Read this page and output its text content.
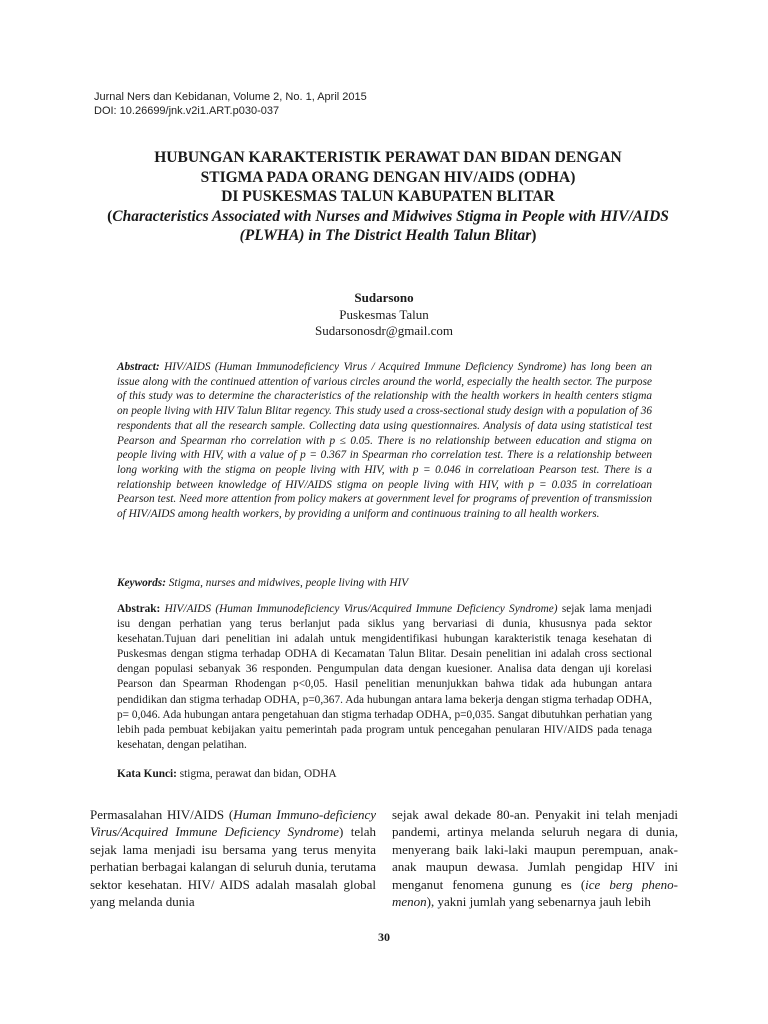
Jurnal Ners dan Kebidanan, Volume 2, No. 1, April 2015
DOI: 10.26699/jnk.v2i1.ART.p030-037
HUBUNGAN KARAKTERISTIK PERAWAT DAN BIDAN DENGAN
STIGMA PADA ORANG DENGAN HIV/AIDS (ODHA)
DI PUSKESMAS TALUN KABUPATEN BLITAR
(Characteristics Associated with Nurses and Midwives Stigma in People with HIV/AIDS (PLWHA) in The District Health Talun Blitar)
Sudarsono
Puskesmas Talun
Sudarsonosdr@gmail.com
Abstract: HIV/AIDS (Human Immunodeficiency Virus / Acquired Immune Deficiency Syndrome) has long been an issue along with the continued attention of various circles around the world, especially the health sector. The purpose of this study was to determine the characteristics of the relationship with the health workers in health centers stigma on people living with HIV Talun Blitar regency. This study used a cross-sectional study design with a population of 36 respondents that all the research sample. Collecting data using questionnaires. Analysis of data using statistical test Pearson and Spearman rho correlation with p ≤ 0.05. There is no relationship between education and stigma on people living with HIV, with a value of p = 0.367 in Spearman rho correlation test. There is a relationship between long working with the stigma on people living with HIV, with p = 0.046 in correlatioan Pearson test. There is a relationship between knowledge of HIV/AIDS stigma on people living with HIV, with p = 0.035 in correlatioan Pearson test. Need more attention from policy makers at government level for programs of prevention of transmission of HIV/AIDS among health workers, by providing a uniform and continuous training to all health workers.
Keywords: Stigma, nurses and midwives, people living with HIV
Abstrak: HIV/AIDS (Human Immunodeficiency Virus/Acquired Immune Deficiency Syndrome) sejak lama menjadi isu dengan perhatian yang terus berlanjut pada siklus yang bervariasi di dunia, khususnya pada sektor kesehatan.Tujuan dari penelitian ini adalah untuk mengidentifikasi hubungan karakteristik tenaga kesehatan di Puskesmas dengan stigma terhadap ODHA di Kecamatan Talun Blitar. Desain penelitian ini adalah cross sectional dengan populasi sebanyak 36 responden. Pengumpulan data dengan kuesioner. Analisa data dengan uji korelasi Pearson dan Spearman Rhodengan p<0,05. Hasil penelitian menunjukkan bahwa tidak ada hubungan antara pendidikan dan stigma terhadap ODHA, p=0,367. Ada hubungan antara lama bekerja dengan stigma terhadap ODHA, p= 0,046. Ada hubungan antara pengetahuan dan stigma terhadap ODHA, p=0,035. Sangat dibutuhkan perhatian yang lebih pada pembuat kebijakan yaitu pemerintah pada program untuk pencegahan penularan HIV/AIDS pada tenaga kesehatan, dengan pelatihan.
Kata Kunci: stigma, perawat dan bidan, ODHA
Permasalahan HIV/AIDS (Human Immuno-deficiency Virus/Acquired Immune Deficiency Syndrome) telah sejak lama menjadi isu bersama yang terus menyita perhatian berbagai kalangan di seluruh dunia, terutama sektor kesehatan. HIV/ AIDS adalah masalah global yang melanda dunia
sejak awal dekade 80-an. Penyakit ini telah menjadi pandemi, artinya melanda seluruh negara di dunia, menyerang baik laki-laki maupun perempuan, anak-anak maupun dewasa. Jumlah pengidap HIV ini menganut fenomena gunung es (ice berg pheno-menon), yakni jumlah yang sebenarnya jauh lebih
30
